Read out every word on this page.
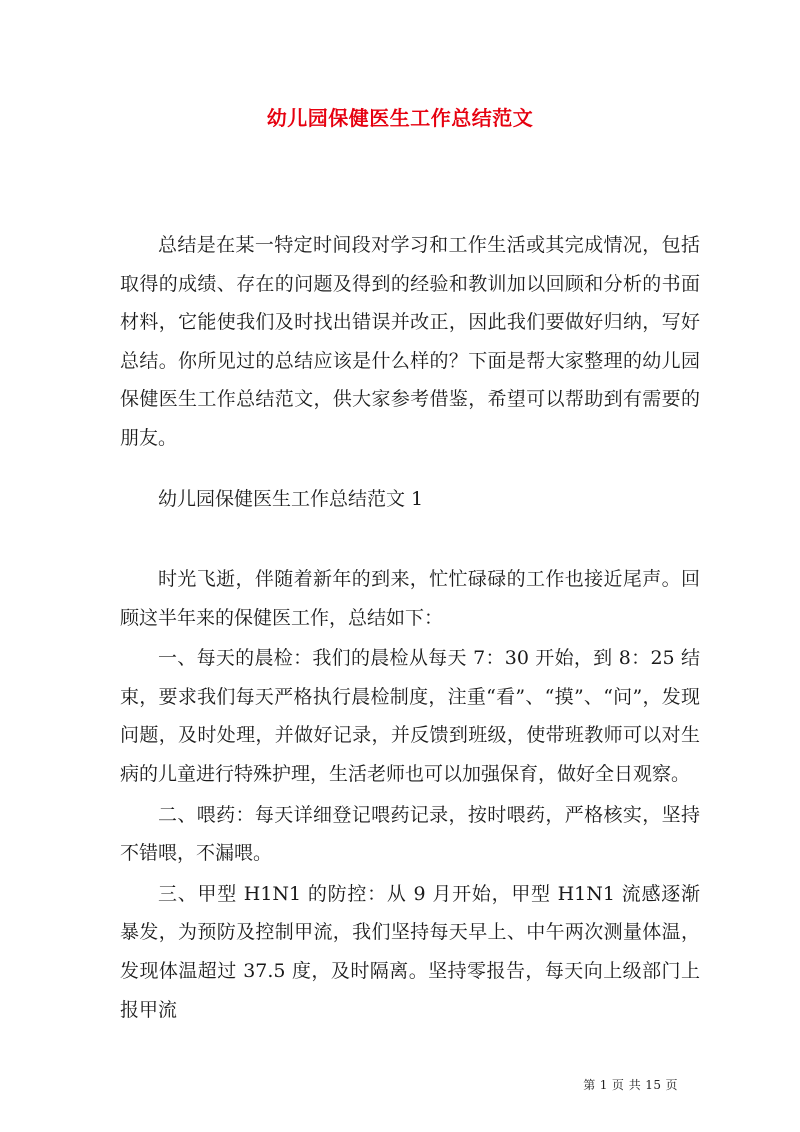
幼儿园保健医生工作总结范文

总结是在某一特定时间段对学习和工作生活或其完成情况，包括取得的成绩、存在的问题及得到的经验和教训加以回顾和分析的书面材料，它能使我们及时找出错误并改正，因此我们要做好归纳，写好总结。你所见过的总结应该是什么样的？下面是帮大家整理的幼儿园保健医生工作总结范文，供大家参考借鉴，希望可以帮助到有需要的朋友。

幼儿园保健医生工作总结范文 1

时光飞逝，伴随着新年的到来，忙忙碌碌的工作也接近尾声。回顾这半年来的保健医工作，总结如下：

一、每天的晨检：我们的晨检从每天 7：30 开始，到 8：25 结束，要求我们每天严格执行晨检制度，注重“看”、“摸”、“问”，发现问题，及时处理，并做好记录，并反馈到班级，使带班教师可以对生病的儿童进行特殊护理，生活老师也可以加强保育，做好全日观察。

二、喂药：每天详细登记喂药记录，按时喂药，严格核实，坚持不错喂，不漏喂。

三、甲型 H1N1 的防控：从 9 月开始，甲型 H1N1 流感逐渐暴发，为预防及控制甲流，我们坚持每天早上、中午两次测量体温，发现体温超过 37.5 度，及时隔离。坚持零报告，每天向上级部门上报甲流

第 1 页 共 15 页
